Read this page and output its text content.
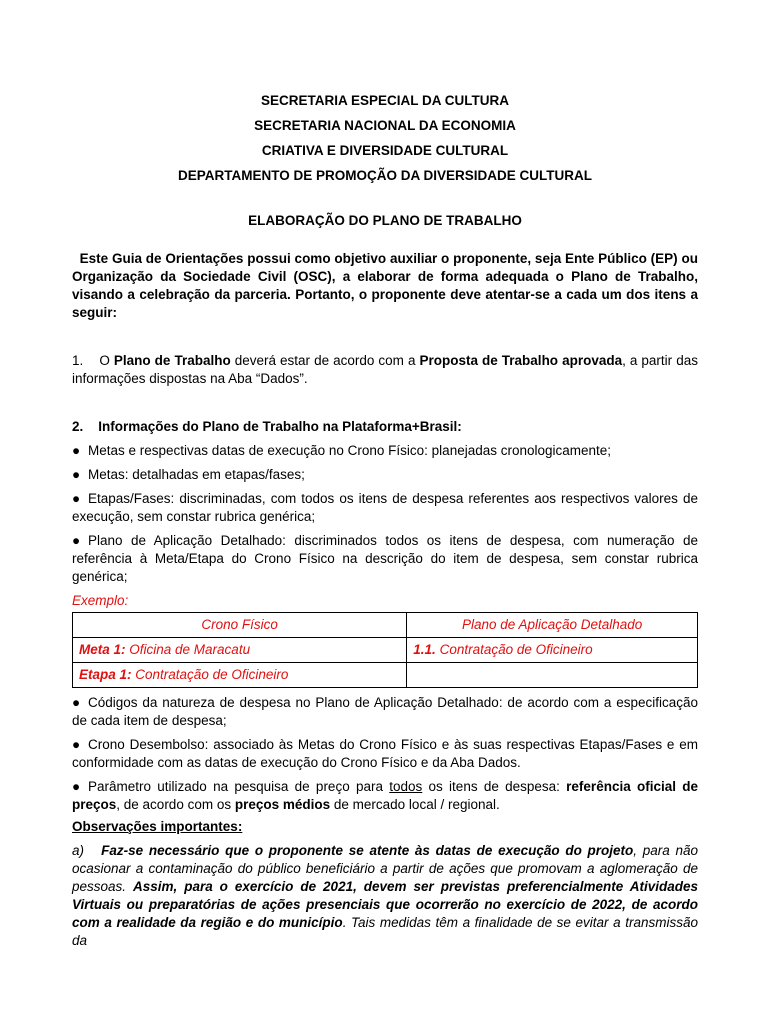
SECRETARIA ESPECIAL DA CULTURA

SECRETARIA NACIONAL DA ECONOMIA

CRIATIVA E DIVERSIDADE CULTURAL

DEPARTAMENTO DE PROMOÇÃO DA DIVERSIDADE CULTURAL

ELABORAÇÃO DO PLANO DE TRABALHO

Este Guia de Orientações possui como objetivo auxiliar o proponente, seja Ente Público (EP) ou Organização da Sociedade Civil (OSC), a elaborar de forma adequada o Plano de Trabalho, visando a celebração da parceria. Portanto, o proponente deve atentar-se a cada um dos itens a seguir:

1. O Plano de Trabalho deverá estar de acordo com a Proposta de Trabalho aprovada, a partir das informações dispostas na Aba “Dados”.

2. Informações do Plano de Trabalho na Plataforma+Brasil:

● Metas e respectivas datas de execução no Crono Físico: planejadas cronologicamente;

● Metas: detalhadas em etapas/fases;

● Etapas/Fases: discriminadas, com todos os itens de despesa referentes aos respectivos valores de execução, sem constar rubrica genérica;

● Plano de Aplicação Detalhado: discriminados todos os itens de despesa, com numeração de referência à Meta/Etapa do Crono Físico na descrição do item de despesa, sem constar rubrica genérica;

Exemplo:

Crono Físico	Plano de Aplicação Detalhado
Meta 1: Oficina de Maracatu	1.1. Contratação de Oficineiro
Etapa 1: Contratação de Oficineiro	

● Códigos da natureza de despesa no Plano de Aplicação Detalhado: de acordo com a especificação de cada item de despesa;

● Crono Desembolso: associado às Metas do Crono Físico e às suas respectivas Etapas/Fases e em conformidade com as datas de execução do Crono Físico e da Aba Dados.

● Parâmetro utilizado na pesquisa de preço para todos os itens de despesa: referência oficial de preços, de acordo com os preços médios de mercado local / regional.

Observações importantes:

a) Faz-se necessário que o proponente se atente às datas de execução do projeto, para não ocasionar a contaminação do público beneficiário a partir de ações que promovam a aglomeração de pessoas. Assim, para o exercício de 2021, devem ser previstas preferencialmente Atividades Virtuais ou preparatórias de ações presenciais que ocorrerão no exercício de 2022, de acordo com a realidade da região e do município. Tais medidas têm a finalidade de se evitar a transmissão da
